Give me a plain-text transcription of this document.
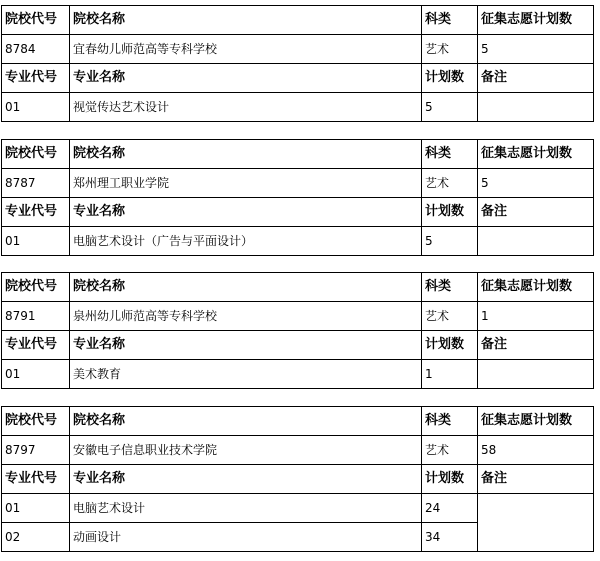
院校代号	院校名称	科类	征集志愿计划数
8784	宜春幼儿师范高等专科学校	艺术	5
专业代号	专业名称	计划数	备注
01	视觉传达艺术设计	5	
院校代号	院校名称	科类	征集志愿计划数
8787	郑州理工职业学院	艺术	5
专业代号	专业名称	计划数	备注
01	电脑艺术设计（广告与平面设计）	5	
院校代号	院校名称	科类	征集志愿计划数
8791	泉州幼儿师范高等专科学校	艺术	1
专业代号	专业名称	计划数	备注
01	美术教育	1	
院校代号	院校名称	科类	征集志愿计划数
8797	安徽电子信息职业技术学院	艺术	58
专业代号	专业名称	计划数	备注
01	电脑艺术设计	24	
02	动画设计	34	
